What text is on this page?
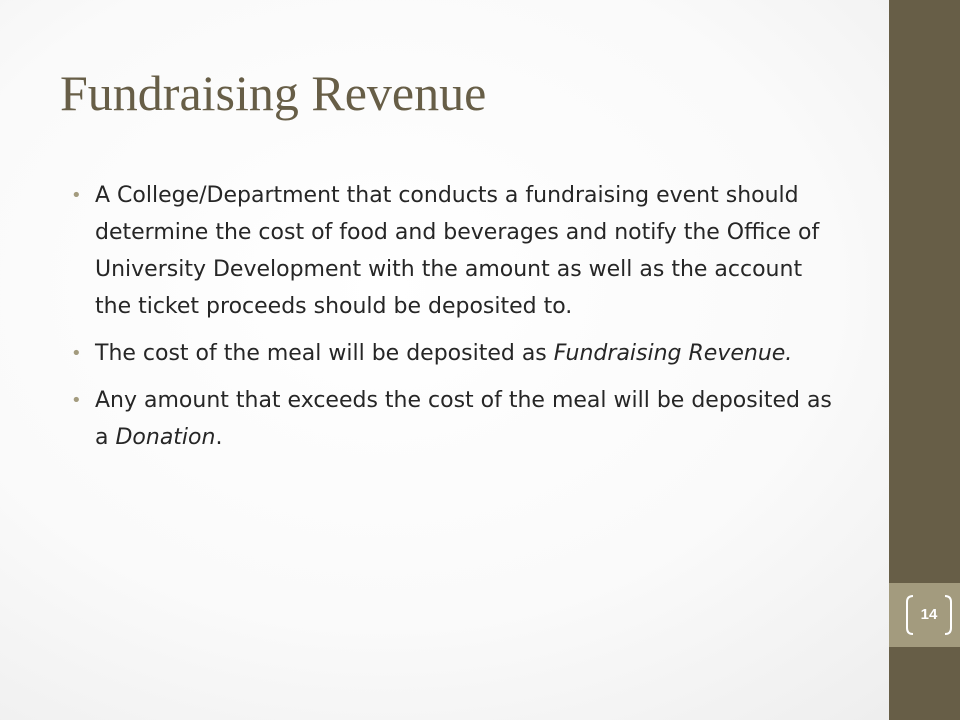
14
Fundraising Revenue
• A College/Department that conducts a fundraising event should determine the cost of food and beverages and notify the Office of University Development with the amount as well as the account the ticket proceeds should be deposited to.
• The cost of the meal will be deposited as Fundraising Revenue.
• Any amount that exceeds the cost of the meal will be deposited as a Donation.
